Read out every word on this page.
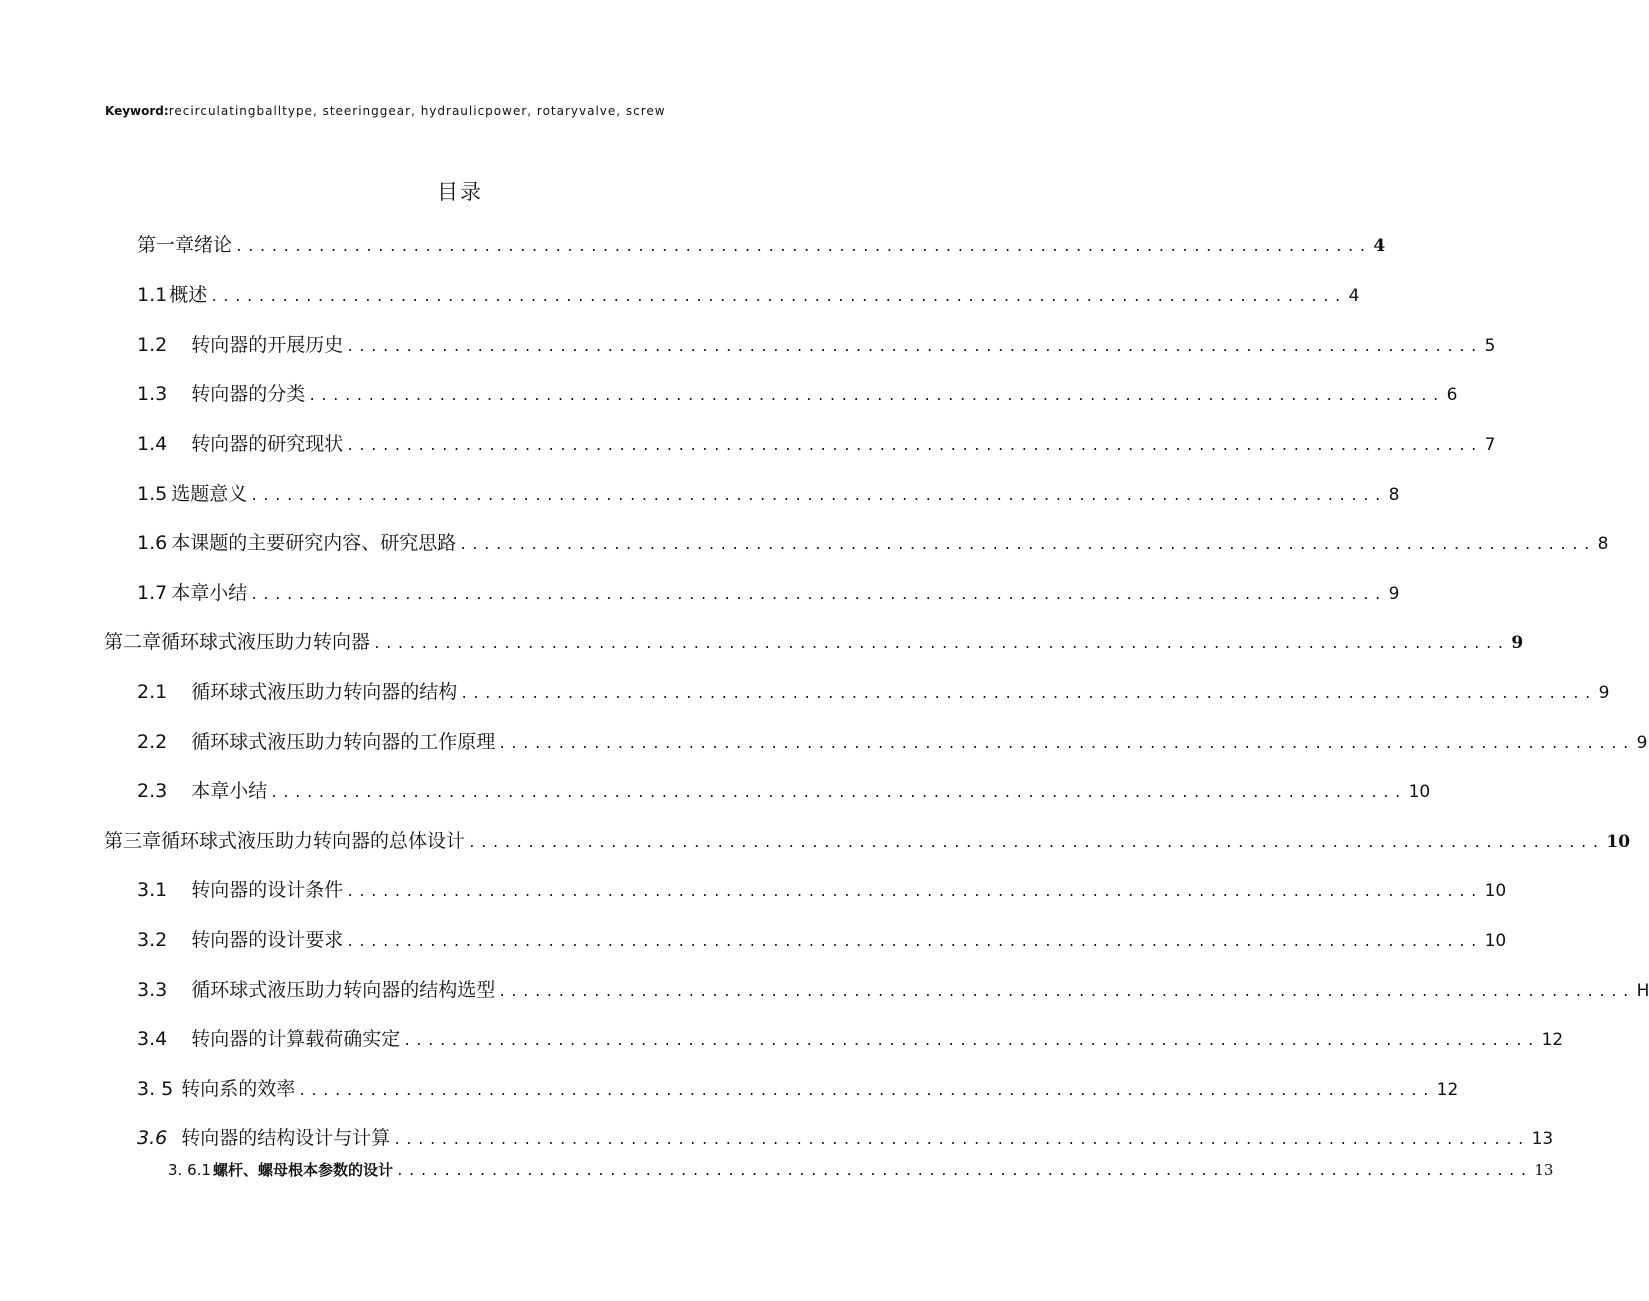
Keyword:recirculatingballtype, steeringgear, hydraulicpower, rotaryvalve, screw
目录
第一章绪论 ................................................................................................ 4
1.1 概述 ................................................................................................ 4
1.2 转向器的开展历史 ................................................................................................ 5
1.3 转向器的分类 ................................................................................................ 6
1.4 转向器的研究现状 ................................................................................................ 7
1.5 选题意义 ................................................................................................ 8
1.6 本课题的主要研究内容、研究思路 ................................................................................................ 8
1.7 本章小结 ................................................................................................ 9
第二章循环球式液压助力转向器 ................................................................................................ 9
2.1 循环球式液压助力转向器的结构 ................................................................................................ 9
2.2 循环球式液压助力转向器的工作原理 ................................................................................................ 9
2.3 本章小结 ................................................................................................ 10
第三章循环球式液压助力转向器的总体设计 ................................................................................................ 10
3.1 转向器的设计条件 ................................................................................................ 10
3.2 转向器的设计要求 ................................................................................................ 10
3.3 循环球式液压助力转向器的结构选型 ................................................................................................ H
3.4 转向器的计算载荷确实定 ................................................................................................ 12
3. 5 转向系的效率 ................................................................................................ 12
3.6 转向器的结构设计与计算 ................................................................................................ 13
3. 6.1 螺杆、螺母根本参数的设计 ................................................................................................ 13
